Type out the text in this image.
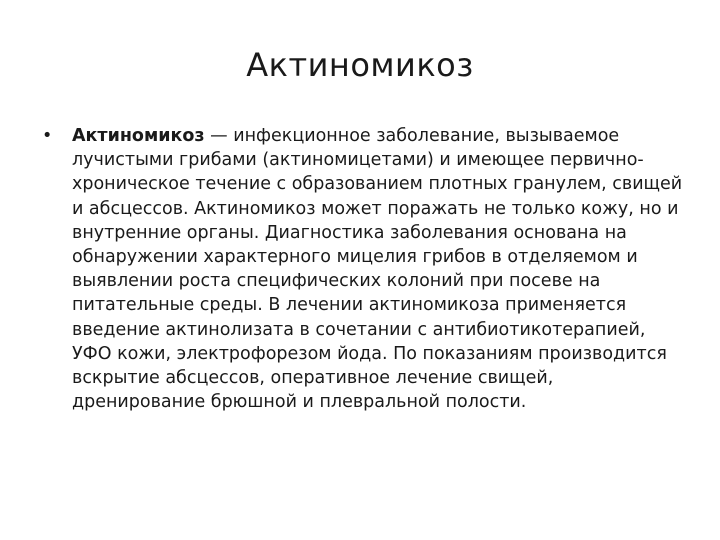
Актиномикоз
• Актиномикоз — инфекционное заболевание, вызываемое лучистыми грибами (актиномицетами) и имеющее первично-хроническое течение с образованием плотных гранулем, свищей и абсцессов. Актиномикоз может поражать не только кожу, но и внутренние органы. Диагностика заболевания основана на обнаружении характерного мицелия грибов в отделяемом и выявлении роста специфических колоний при посеве на питательные среды. В лечении актиномикоза применяется введение актинолизата в сочетании с антибиотикотерапией, УФО кожи, электрофорезом йода. По показаниям производится вскрытие абсцессов, оперативное лечение свищей, дренирование брюшной и плевральной полости.
